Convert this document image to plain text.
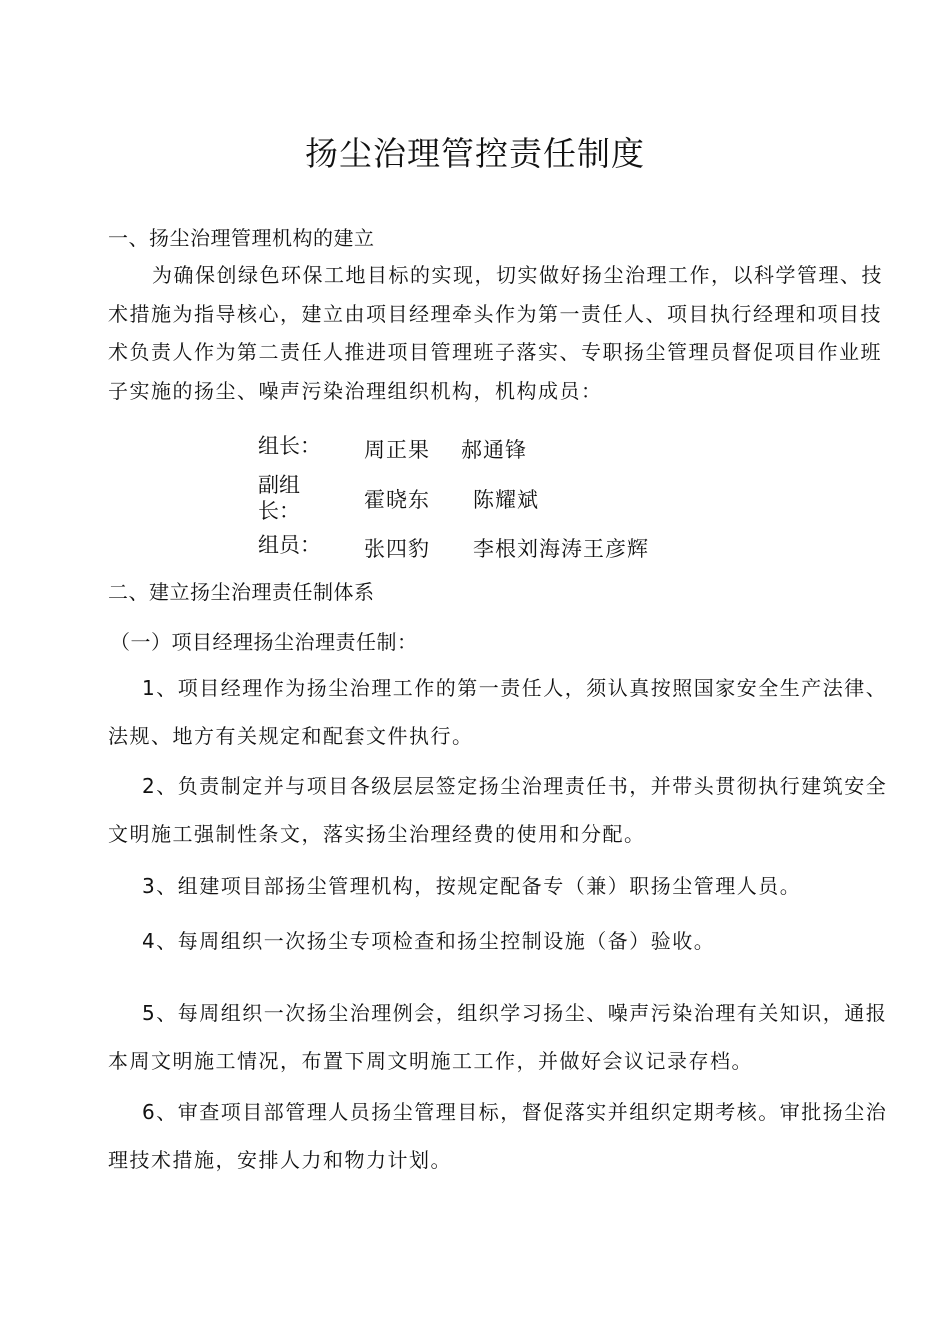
扬尘治理管控责任制度
一、扬尘治理管理机构的建立
为确保创绿色环保工地目标的实现，切实做好扬尘治理工作，以科学管理、技术措施为指导核心，建立由项目经理牵头作为第一责任人、项目执行经理和项目技术负责人作为第二责任人推进项目管理班子落实、专职扬尘管理员督促项目作业班子实施的扬尘、噪声污染治理组织机构，机构成员：
组长： 周正果 郝通锋
副组
长：	霍晓东 陈耀斌
组员： 张四豹 李根刘海涛王彦辉
二、建立扬尘治理责任制体系
（一）项目经理扬尘治理责任制：
1、项目经理作为扬尘治理工作的第一责任人，须认真按照国家安全生产法律、法规、地方有关规定和配套文件执行。
2、负责制定并与项目各级层层签定扬尘治理责任书，并带头贯彻执行建筑安全文明施工强制性条文，落实扬尘治理经费的使用和分配。
3、组建项目部扬尘管理机构，按规定配备专（兼）职扬尘管理人员。
4、每周组织一次扬尘专项检查和扬尘控制设施（备）验收。
5、每周组织一次扬尘治理例会，组织学习扬尘、噪声污染治理有关知识，通报本周文明施工情况，布置下周文明施工工作，并做好会议记录存档。
6、审查项目部管理人员扬尘管理目标，督促落实并组织定期考核。审批扬尘治理技术措施，安排人力和物力计划。
